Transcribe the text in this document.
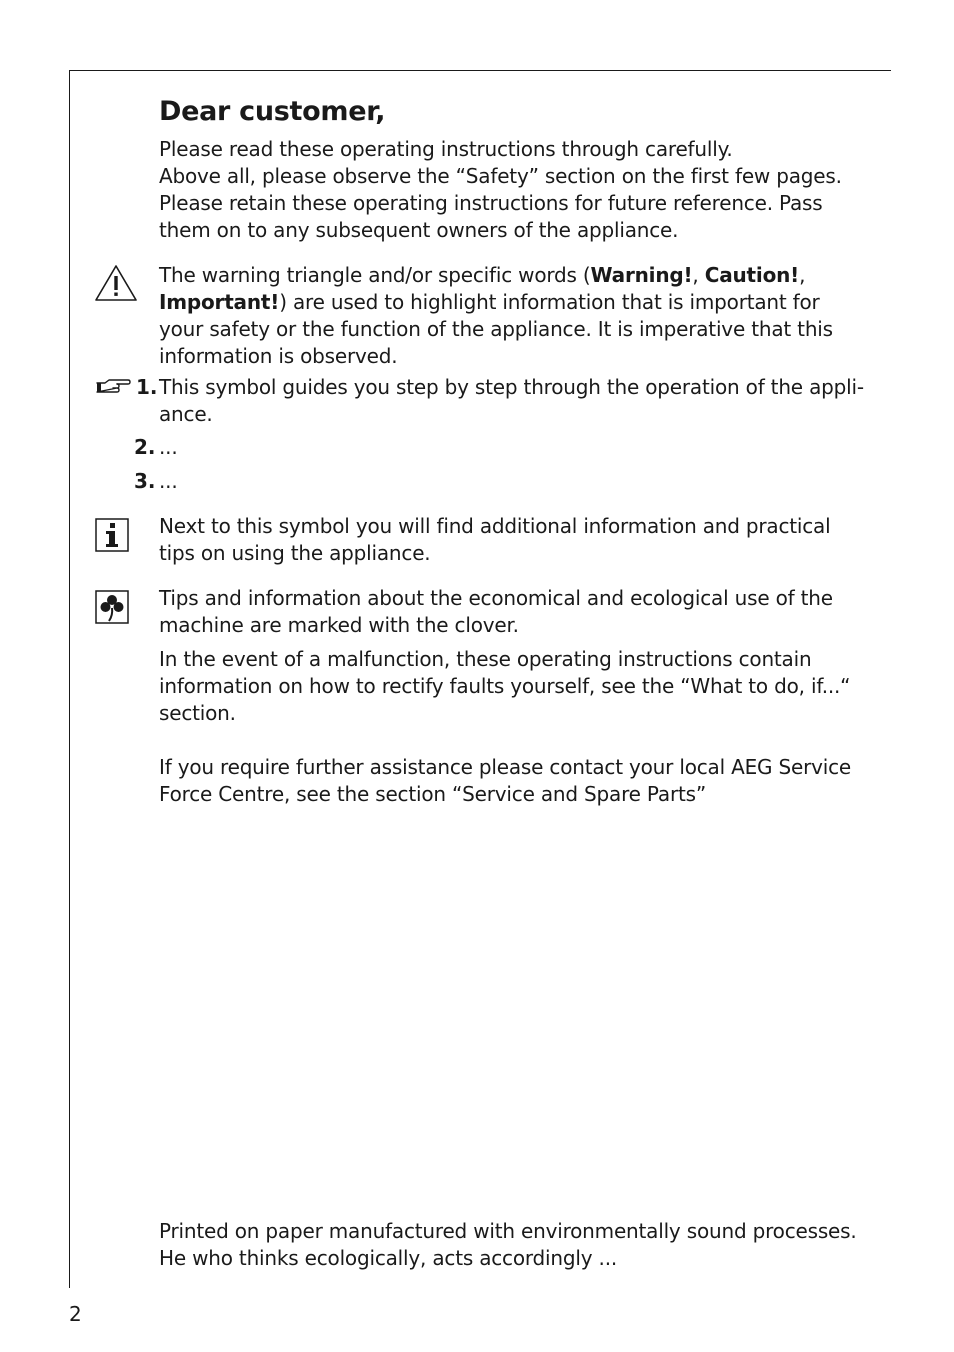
Dear customer,
Please read these operating instructions through carefully.
Above all, please observe the “Safety” section on the first few pages.
Please retain these operating instructions for future reference. Pass
them on to any subsequent owners of the appliance.
The warning triangle and/or specific words (Warning!, Caution!,
Important!) are used to highlight information that is important for
your safety or the function of the appliance. It is imperative that this
information is observed.
1. This symbol guides you step by step through the operation of the appli-
ance.
2. ...
3. ...
Next to this symbol you will find additional information and practical
tips on using the appliance.
Tips and information about the economical and ecological use of the
machine are marked with the clover.
In the event of a malfunction, these operating instructions contain
information on how to rectify faults yourself, see the “What to do, if...“
section.
If you require further assistance please contact your local AEG Service
Force Centre, see the section “Service and Spare Parts”
Printed on paper manufactured with environmentally sound processes.
He who thinks ecologically, acts accordingly ...
2
